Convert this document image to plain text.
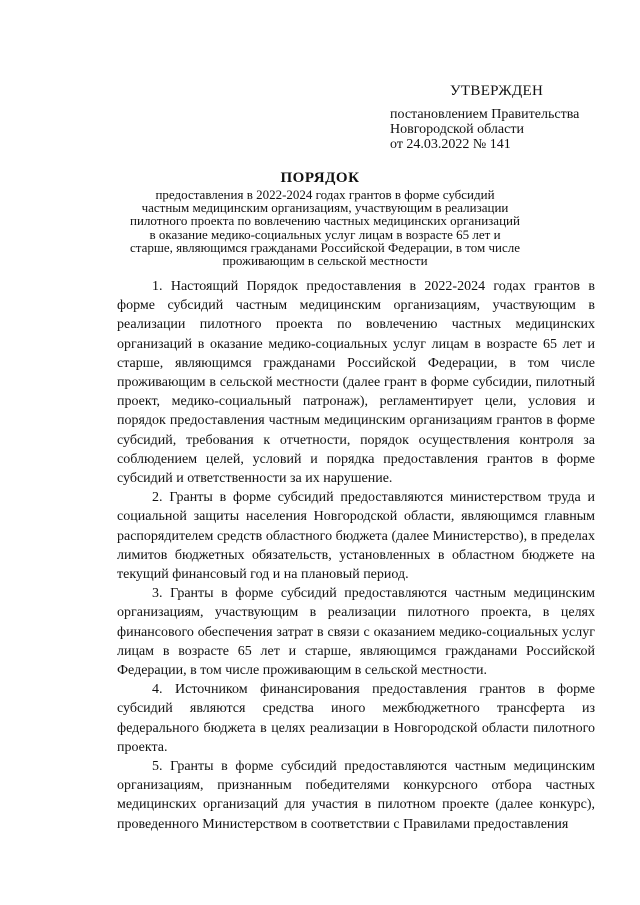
УТВЕРЖДЕН
постановлением Правительства
Новгородской области
от 24.03.2022 № 141
ПОРЯДОК
предоставления в 2022-2024 годах грантов в форме субсидий частным медицинским организациям, участвующим в реализации пилотного проекта по вовлечению частных медицинских организаций в оказание медико-социальных услуг лицам в возрасте 65 лет и старше, являющимся гражданами Российской Федерации, в том числе проживающим в сельской местности

1. Настоящий Порядок предоставления в 2022-2024 годах грантов в форме субсидий частным медицинским организациям, участвующим в реализации пилотного проекта по вовлечению частных медицинских организаций в оказание медико-социальных услуг лицам в возрасте 65 лет и старше, являющимся гражданами Российской Федерации, в том числе проживающим в сельской местности (далее грант в форме субсидии, пилотный проект, медико-социальный патронаж), регламентирует цели, условия и порядок предоставления частным медицинским организациям грантов в форме субсидий, требования к отчетности, порядок осуществления контроля за соблюдением целей, условий и порядка предоставления грантов в форме субсидий и ответственности за их нарушение.

2. Гранты в форме субсидий предоставляются министерством труда и социальной защиты населения Новгородской области, являющимся главным распорядителем средств областного бюджета (далее Министерство), в пределах лимитов бюджетных обязательств, установленных в областном бюджете на текущий финансовый год и на плановый период.

3. Гранты в форме субсидий предоставляются частным медицинским организациям, участвующим в реализации пилотного проекта, в целях финансового обеспечения затрат в связи с оказанием медико-социальных услуг лицам в возрасте 65 лет и старше, являющимся гражданами Российской Федерации, в том числе проживающим в сельской местности.

4. Источником финансирования предоставления грантов в форме субсидий являются средства иного межбюджетного трансферта из федерального бюджета в целях реализации в Новгородской области пилотного проекта.

5. Гранты в форме субсидий предоставляются частным медицинским организациям, признанным победителями конкурсного отбора частных медицинских организаций для участия в пилотном проекте (далее конкурс), проведенного Министерством в соответствии с Правилами предоставления
